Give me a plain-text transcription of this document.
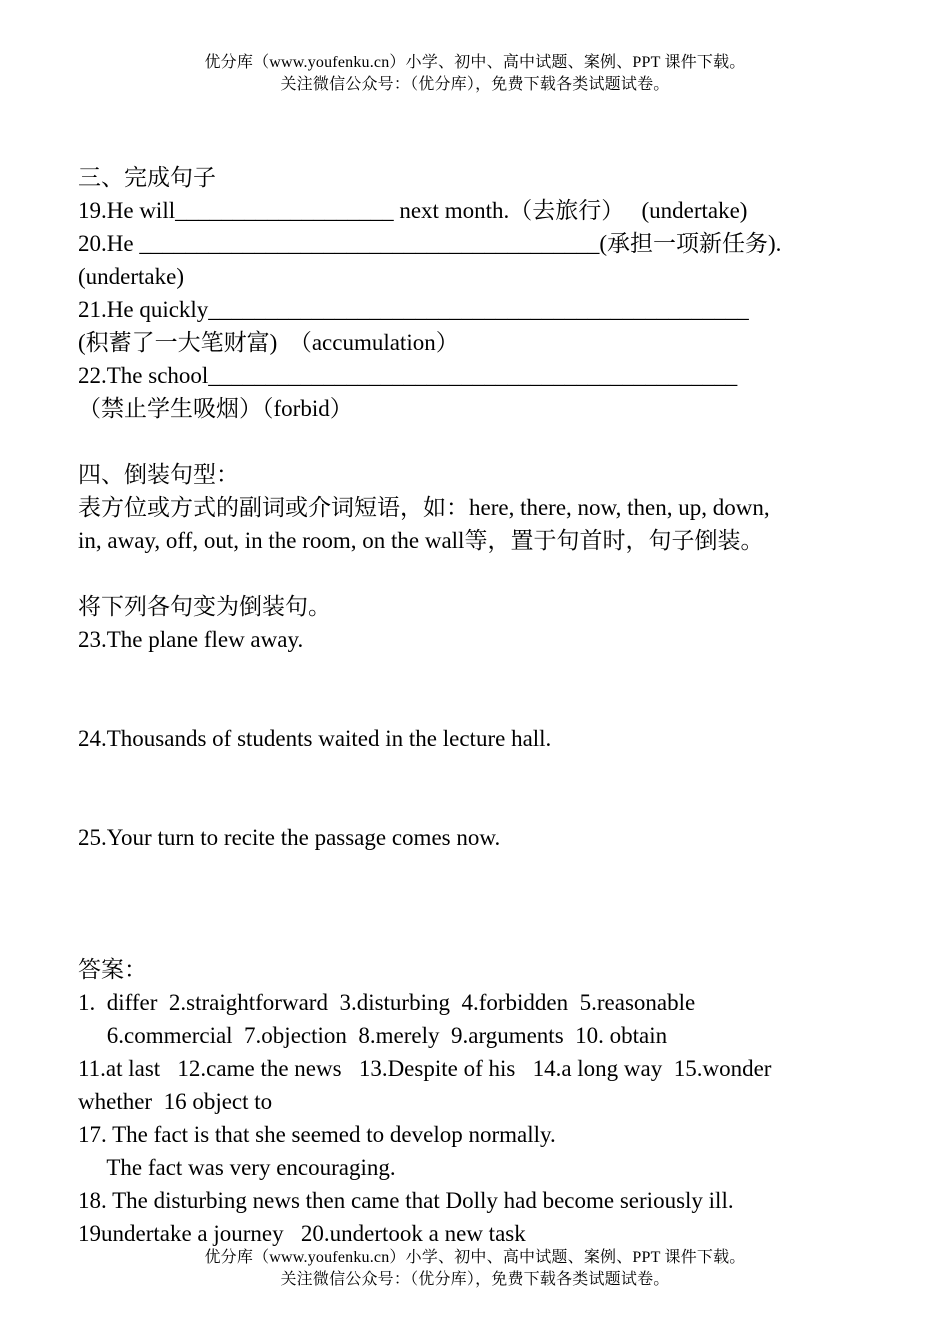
优分库（www.youfenku.cn）小学、初中、高中试题、案例、PPT 课件下载。
关注微信公众号：（优分库），免费下载各类试题试卷。
三、完成句子
19.He will___________________ next month.（去旅行）   (undertake)
20.He ________________________________________(承担一项新任务).
(undertake)
21.He quickly_______________________________________________
(积蓄了一大笔财富)  （accumulation）
22.The school______________________________________________
（禁止学生吸烟）（forbid）
四、倒装句型：
表方位或方式的副词或介词短语，如：here, there, now, then, up, down,
in, away, off, out, in the room, on the wall等，置于句首时，句子倒装。
将下列各句变为倒装句。
23.The plane flew away.
24.Thousands of students waited in the lecture hall.
25.Your turn to recite the passage comes now.
答案：
1.  differ  2.straightforward  3.disturbing  4.forbidden  5.reasonable
6.commercial  7.objection  8.merely  9.arguments  10. obtain
11.at last   12.came the news   13.Despite of his   14.a long way  15.wonder
whether  16 object to
17. The fact is that she seemed to develop normally.
The fact was very encouraging.
18. The disturbing news then came that Dolly had become seriously ill.
19undertake a journey   20.undertook a new task
优分库（www.youfenku.cn）小学、初中、高中试题、案例、PPT 课件下载。
关注微信公众号：（优分库），免费下载各类试题试卷。
